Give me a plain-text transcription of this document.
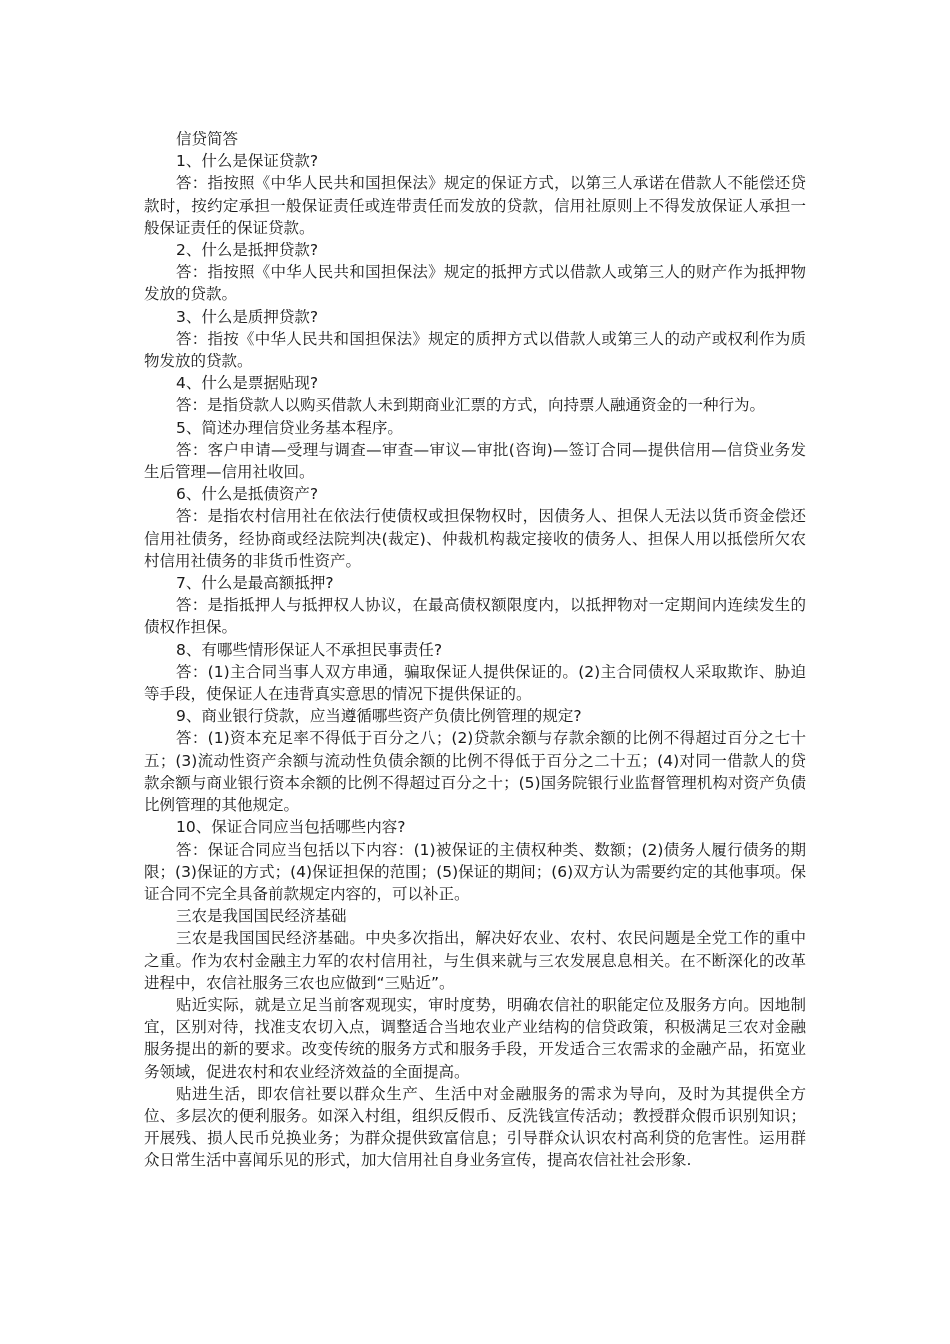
信贷简答

1、什么是保证贷款?

答：指按照《中华人民共和国担保法》规定的保证方式，以第三人承诺在借款人不能偿还贷款时，按约定承担一般保证责任或连带责任而发放的贷款，信用社原则上不得发放保证人承担一般保证责任的保证贷款。

2、什么是抵押贷款?

答：指按照《中华人民共和国担保法》规定的抵押方式以借款人或第三人的财产作为抵押物发放的贷款。

3、什么是质押贷款?

答：指按《中华人民共和国担保法》规定的质押方式以借款人或第三人的动产或权利作为质物发放的贷款。

4、什么是票据贴现?

答：是指贷款人以购买借款人未到期商业汇票的方式，向持票人融通资金的一种行为。

5、简述办理信贷业务基本程序。

答：客户申请—受理与调查—审查—审议—审批(咨询)—签订合同—提供信用—信贷业务发生后管理—信用社收回。

6、什么是抵债资产?

答：是指农村信用社在依法行使债权或担保物权时，因债务人、担保人无法以货币资金偿还信用社债务，经协商或经法院判决(裁定)、仲裁机构裁定接收的债务人、担保人用以抵偿所欠农村信用社债务的非货币性资产。

7、什么是最高额抵押?

答：是指抵押人与抵押权人协议，在最高债权额限度内，以抵押物对一定期间内连续发生的债权作担保。

8、有哪些情形保证人不承担民事责任?

答：(1)主合同当事人双方串通，骗取保证人提供保证的。(2)主合同债权人采取欺诈、胁迫等手段，使保证人在违背真实意思的情况下提供保证的。

9、商业银行贷款，应当遵循哪些资产负债比例管理的规定?

答：(1)资本充足率不得低于百分之八；(2)贷款余额与存款余额的比例不得超过百分之七十五；(3)流动性资产余额与流动性负债余额的比例不得低于百分之二十五；(4)对同一借款人的贷款余额与商业银行资本余额的比例不得超过百分之十；(5)国务院银行业监督管理机构对资产负债比例管理的其他规定。

10、保证合同应当包括哪些内容?

答：保证合同应当包括以下内容：(1)被保证的主债权种类、数额；(2)债务人履行债务的期限；(3)保证的方式；(4)保证担保的范围；(5)保证的期间；(6)双方认为需要约定的其他事项。保证合同不完全具备前款规定内容的，可以补正。

三农是我国国民经济基础

三农是我国国民经济基础。中央多次指出，解决好农业、农村、农民问题是全党工作的重中之重。作为农村金融主力军的农村信用社，与生俱来就与三农发展息息相关。在不断深化的改革进程中，农信社服务三农也应做到“三贴近”。

贴近实际，就是立足当前客观现实，审时度势，明确农信社的职能定位及服务方向。因地制宜，区别对待，找准支农切入点，调整适合当地农业产业结构的信贷政策，积极满足三农对金融服务提出的新的要求。改变传统的服务方式和服务手段，开发适合三农需求的金融产品，拓宽业务领域，促进农村和农业经济效益的全面提高。

贴进生活，即农信社要以群众生产、生活中对金融服务的需求为导向，及时为其提供全方位、多层次的便利服务。如深入村组，组织反假币、反洗钱宣传活动；教授群众假币识别知识；开展残、损人民币兑换业务；为群众提供致富信息；引导群众认识农村高利贷的危害性。运用群众日常生活中喜闻乐见的形式，加大信用社自身业务宣传，提高农信社社会形象.
